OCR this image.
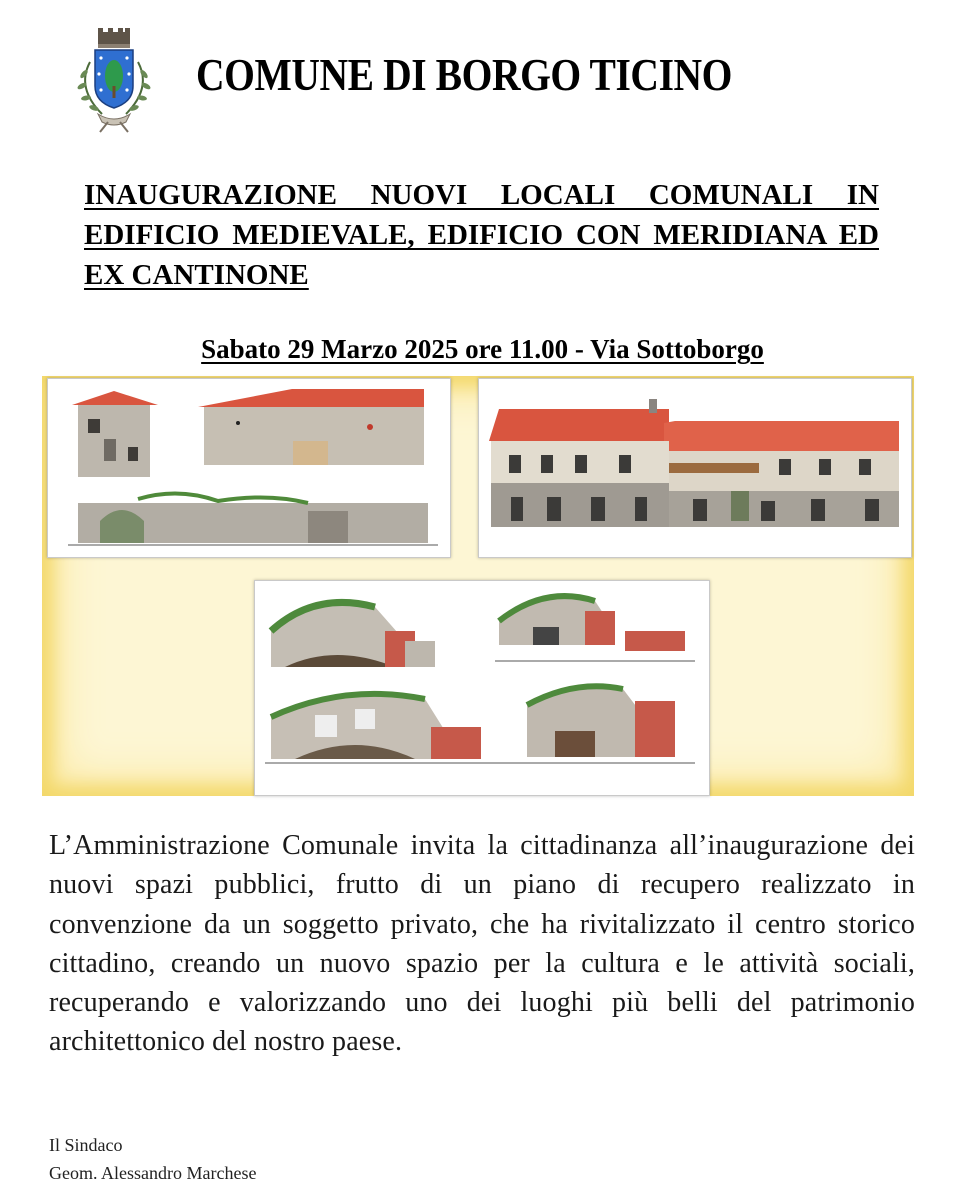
COMUNE DI BORGO TICINO
INAUGURAZIONE NUOVI LOCALI COMUNALI IN EDIFICIO MEDIEVALE, EDIFICIO CON MERIDIANA ED EX CANTINONE

Sabato 29 Marzo 2025 ore 11.00 - Via Sottoborgo

L’Amministrazione Comunale invita la cittadinanza all’inaugurazione dei nuovi spazi pubblici, frutto di un piano di recupero realizzato in convenzione da un soggetto privato, che ha rivitalizzato il centro storico cittadino, creando un nuovo spazio per la cultura e le attività sociali, recuperando e valorizzando uno dei luoghi più belli del patrimonio architettonico del nostro paese.

Il Sindaco
Geom. Alessandro Marchese
